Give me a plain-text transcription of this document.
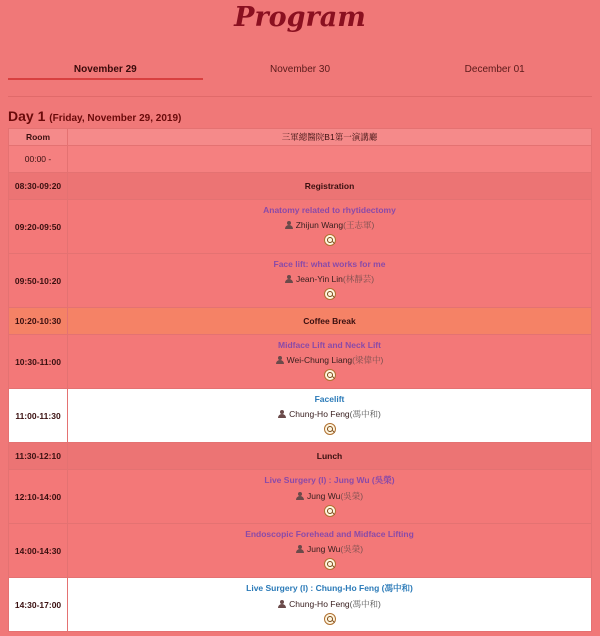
Program
November 29	November 30	December 01
Day 1 (Friday, November 29, 2019)
Room	三軍總醫院B1第一演講廳
00:00 -	
08:30-09:20	Registration
09:20-09:50	Anatomy related to rhytidectomy
Zhijun Wang(王志軍)

09:50-10:20	Face lift: what works for me
Jean-Yin Lin(林靜芸)

10:20-10:30	Coffee Break
10:30-11:00	Midface Lift and Neck Lift
Wei-Chung Liang(梁偉中)

11:00-11:30	Facelift
Chung-Ho Feng(馮中和)

11:30-12:10	Lunch
12:10-14:00	Live Surgery (I) : Jung Wu (吳榮)
Jung Wu(吳榮)

14:00-14:30	Endoscopic Forehead and Midface Lifting
Jung Wu(吳榮)

14:30-17:00	Live Surgery (I) : Chung-Ho Feng (馮中和)
Chung-Ho Feng(馮中和)
